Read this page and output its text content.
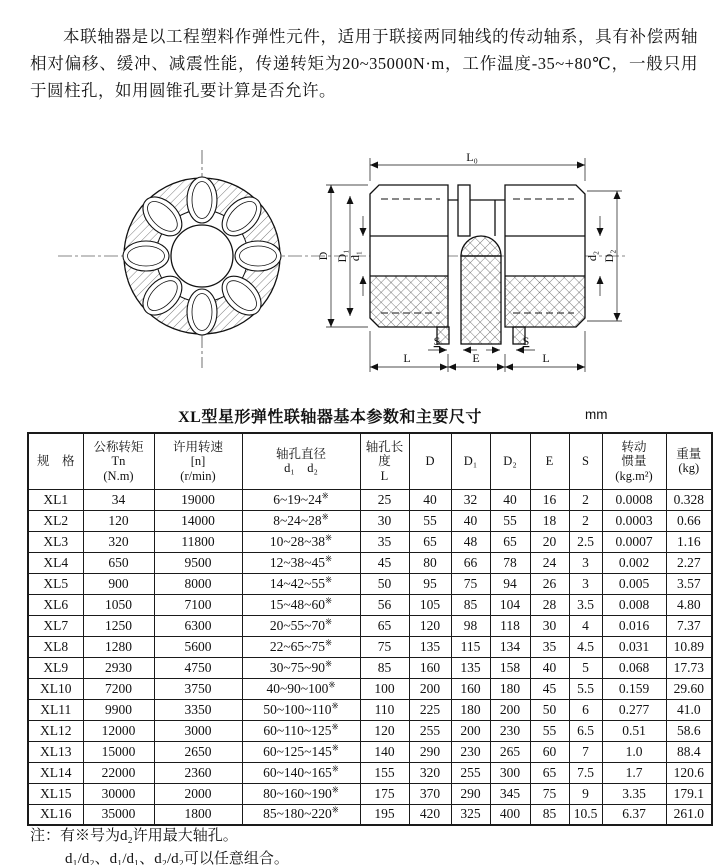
本联轴器是以工程塑料作弹性元件，适用于联接两同轴线的传动轴系，具有补偿两轴相对偏移、缓冲、减震性能，传递转矩为20~35000N·m，工作温度-35~+80℃，一般只用于圆柱孔，如用圆锥孔要计算是否允许。

L₀
D D₁ d₁	d₂ D₂
S	S
L	E	L
XL型星形弹性联轴器基本参数和主要尺寸	mm
规　格

公称转矩
Tn
(N.m)

许用转速
[n]
(r/min)

轴孔直径
d₁　d₂

轴孔长度
L

D	D₁	D₂	E	S

转动
惯量
(kg.m²)

重量
(kg)

XL1	34	19000	6~19~24※	25	40	32	40	16	2	0.0008	0.328
XL2	120	14000	8~24~28※	30	55	40	55	18	2	0.0003	0.66
XL3	320	11800	10~28~38※	35	65	48	65	20	2.5	0.0007	1.16
XL4	650	9500	12~38~45※	45	80	66	78	24	3	0.002	2.27
XL5	900	8000	14~42~55※	50	95	75	94	26	3	0.005	3.57
XL6	1050	7100	15~48~60※	56	105	85	104	28	3.5	0.008	4.80
XL7	1250	6300	20~55~70※	65	120	98	118	30	4	0.016	7.37
XL8	1280	5600	22~65~75※	75	135	115	134	35	4.5	0.031	10.89
XL9	2930	4750	30~75~90※	85	160	135	158	40	5	0.068	17.73
XL10	7200	3750	40~90~100※	100	200	160	180	45	5.5	0.159	29.60
XL11	9900	3350	50~100~110※	110	225	180	200	50	6	0.277	41.0
XL12	12000	3000	60~110~125※	120	255	200	230	55	6.5	0.51	58.6
XL13	15000	2650	60~125~145※	140	290	230	265	60	7	1.0	88.4
XL14	22000	2360	60~140~165※	155	320	255	300	65	7.5	1.7	120.6
XL15	30000	2000	80~160~190※	175	370	290	345	75	9	3.35	179.1
XL16	35000	1800	85~180~220※	195	420	325	400	85	10.5	6.37	261.0
注：有※号为d₂许用最大轴孔。
d₁/d₂、d₁/d₁、d₂/d₂可以任意组合。
